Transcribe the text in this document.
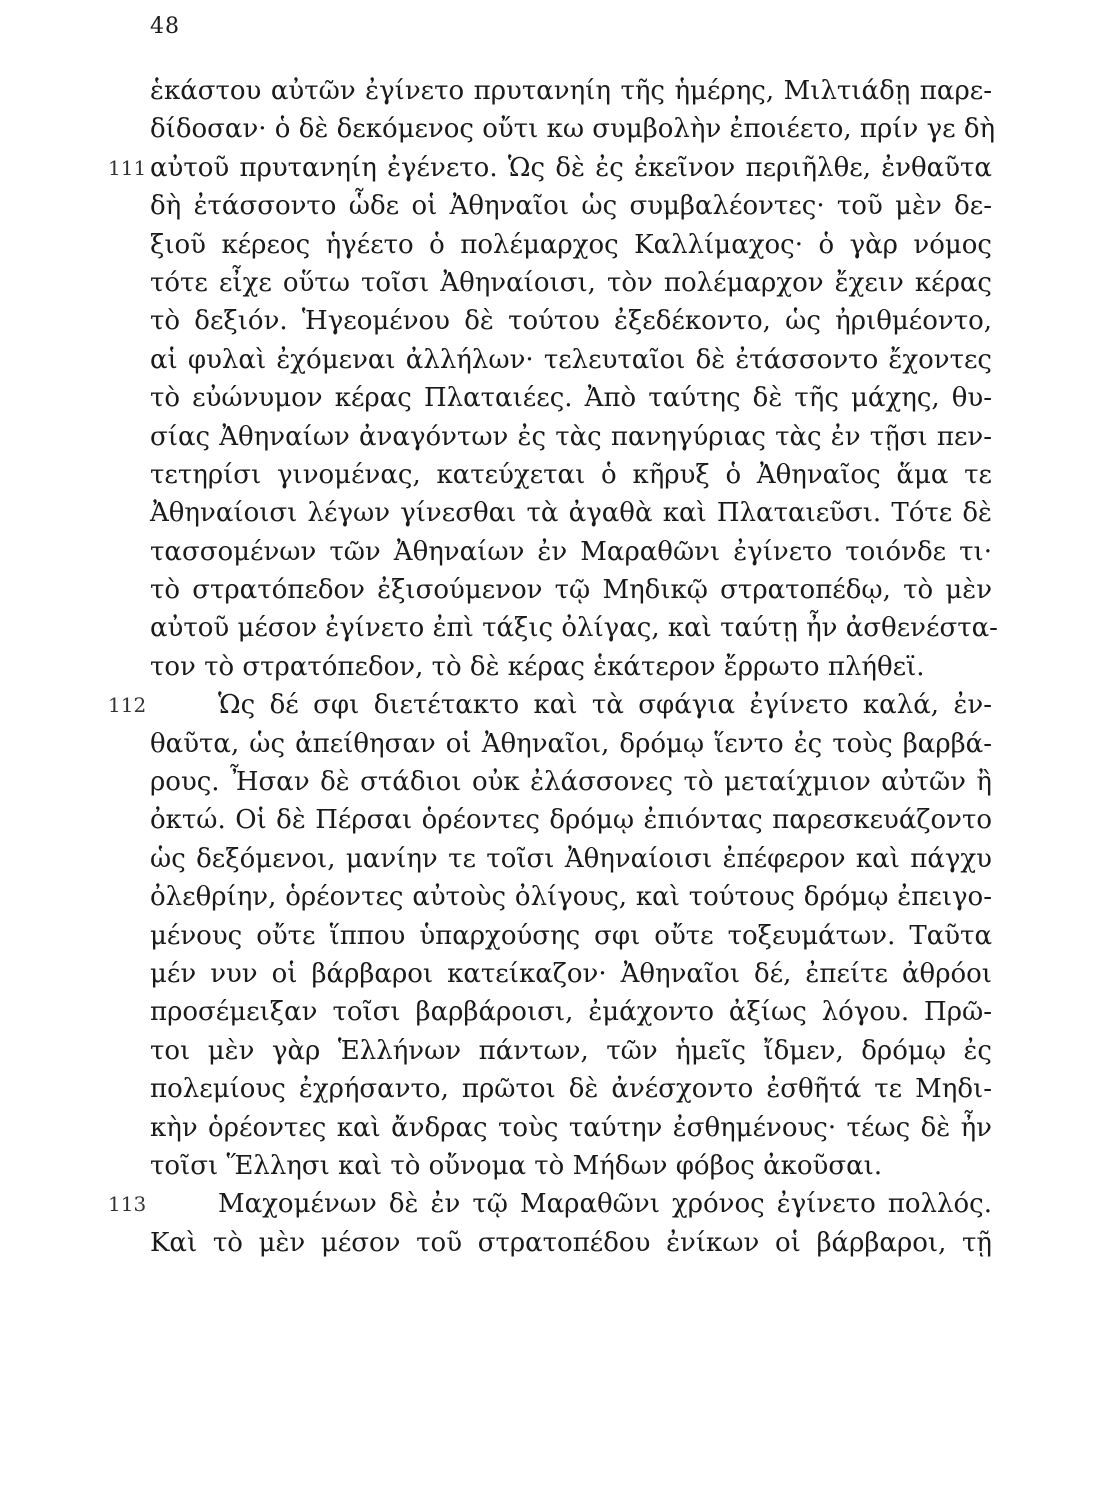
48
ἑκάστου αὐτῶν ἐγίνετο πρυτανηίη τῆς ἡμέρης, Μιλτιάδῃ παρε-
δίδοσαν· ὁ δὲ δεκόμενος οὔτι κω συμβολὴν ἐποιέετο, πρίν γε δὴ
111 αὐτοῦ πρυτανηίη ἐγένετο. Ὡς δὲ ἐς ἐκεῖνον περιῆλθε, ἐνθαῦτα
δὴ ἐτάσσοντο ὧδε οἱ Ἀθηναῖοι ὡς συμβαλέοντες· τοῦ μὲν δε-
ξιοῦ κέρεος ἡγέετο ὁ πολέμαρχος Καλλίμαχος· ὁ γὰρ νόμος
τότε εἶχε οὕτω τοῖσι Ἀθηναίοισι, τὸν πολέμαρχον ἔχειν κέρας
τὸ δεξιόν. Ἡγεομένου δὲ τούτου ἐξεδέκοντο, ὡς ἠριθμέοντο,
αἱ φυλαὶ ἐχόμεναι ἀλλήλων· τελευταῖοι δὲ ἐτάσσοντο ἔχοντες
τὸ εὐώνυμον κέρας Πλαταιέες. Ἀπὸ ταύτης δὲ τῆς μάχης, θυ-
σίας Ἀθηναίων ἀναγόντων ἐς τὰς πανηγύριας τὰς ἐν τῇσι πεν-
τετηρίσι γινομένας, κατεύχεται ὁ κῆρυξ ὁ Ἀθηναῖος ἅμα τε
Ἀθηναίοισι λέγων γίνεσθαι τὰ ἀγαθὰ καὶ Πλαταιεῦσι. Τότε δὲ
τασσομένων τῶν Ἀθηναίων ἐν Μαραθῶνι ἐγίνετο τοιόνδε τι·
τὸ στρατόπεδον ἐξισούμενον τῷ Μηδικῷ στρατοπέδῳ, τὸ μὲν
αὐτοῦ μέσον ἐγίνετο ἐπὶ τάξις ὀλίγας, καὶ ταύτῃ ἦν ἀσθενέστα-
τον τὸ στρατόπεδον, τὸ δὲ κέρας ἑκάτερον ἔρρωτο πλήθεϊ.
112	Ὡς δέ σφι διετέτακτο καὶ τὰ σφάγια ἐγίνετο καλά, ἐν-
θαῦτα, ὡς ἀπείθησαν οἱ Ἀθηναῖοι, δρόμῳ ἵεντο ἐς τοὺς βαρβά-
ρους. Ἦσαν δὲ στάδιοι οὐκ ἐλάσσονες τὸ μεταίχμιον αὐτῶν ἢ
ὀκτώ. Οἱ δὲ Πέρσαι ὁρέοντες δρόμῳ ἐπιόντας παρεσκευάζοντο
ὡς δεξόμενοι, μανίην τε τοῖσι Ἀθηναίοισι ἐπέφερον καὶ πάγχυ
ὀλεθρίην, ὁρέοντες αὐτοὺς ὀλίγους, καὶ τούτους δρόμῳ ἐπειγο-
μένους οὔτε ἵππου ὑπαρχούσης σφι οὔτε τοξευμάτων. Ταῦτα
μέν νυν οἱ βάρβαροι κατείκαζον· Ἀθηναῖοι δέ, ἐπείτε ἀθρόοι
προσέμειξαν τοῖσι βαρβάροισι, ἐμάχοντο ἀξίως λόγου. Πρῶ-
τοι μὲν γὰρ Ἑλλήνων πάντων, τῶν ἡμεῖς ἴδμεν, δρόμῳ ἐς
πολεμίους ἐχρήσαντο, πρῶτοι δὲ ἀνέσχοντο ἐσθῆτά τε Μηδι-
κὴν ὁρέοντες καὶ ἄνδρας τοὺς ταύτην ἐσθημένους· τέως δὲ ἦν
τοῖσι Ἕλλησι καὶ τὸ οὔνομα τὸ Μήδων φόβος ἀκοῦσαι.
113	Μαχομένων δὲ ἐν τῷ Μαραθῶνι χρόνος ἐγίνετο πολλός.
Καὶ τὸ μὲν μέσον τοῦ στρατοπέδου ἐνίκων οἱ βάρβαροι, τῇ
